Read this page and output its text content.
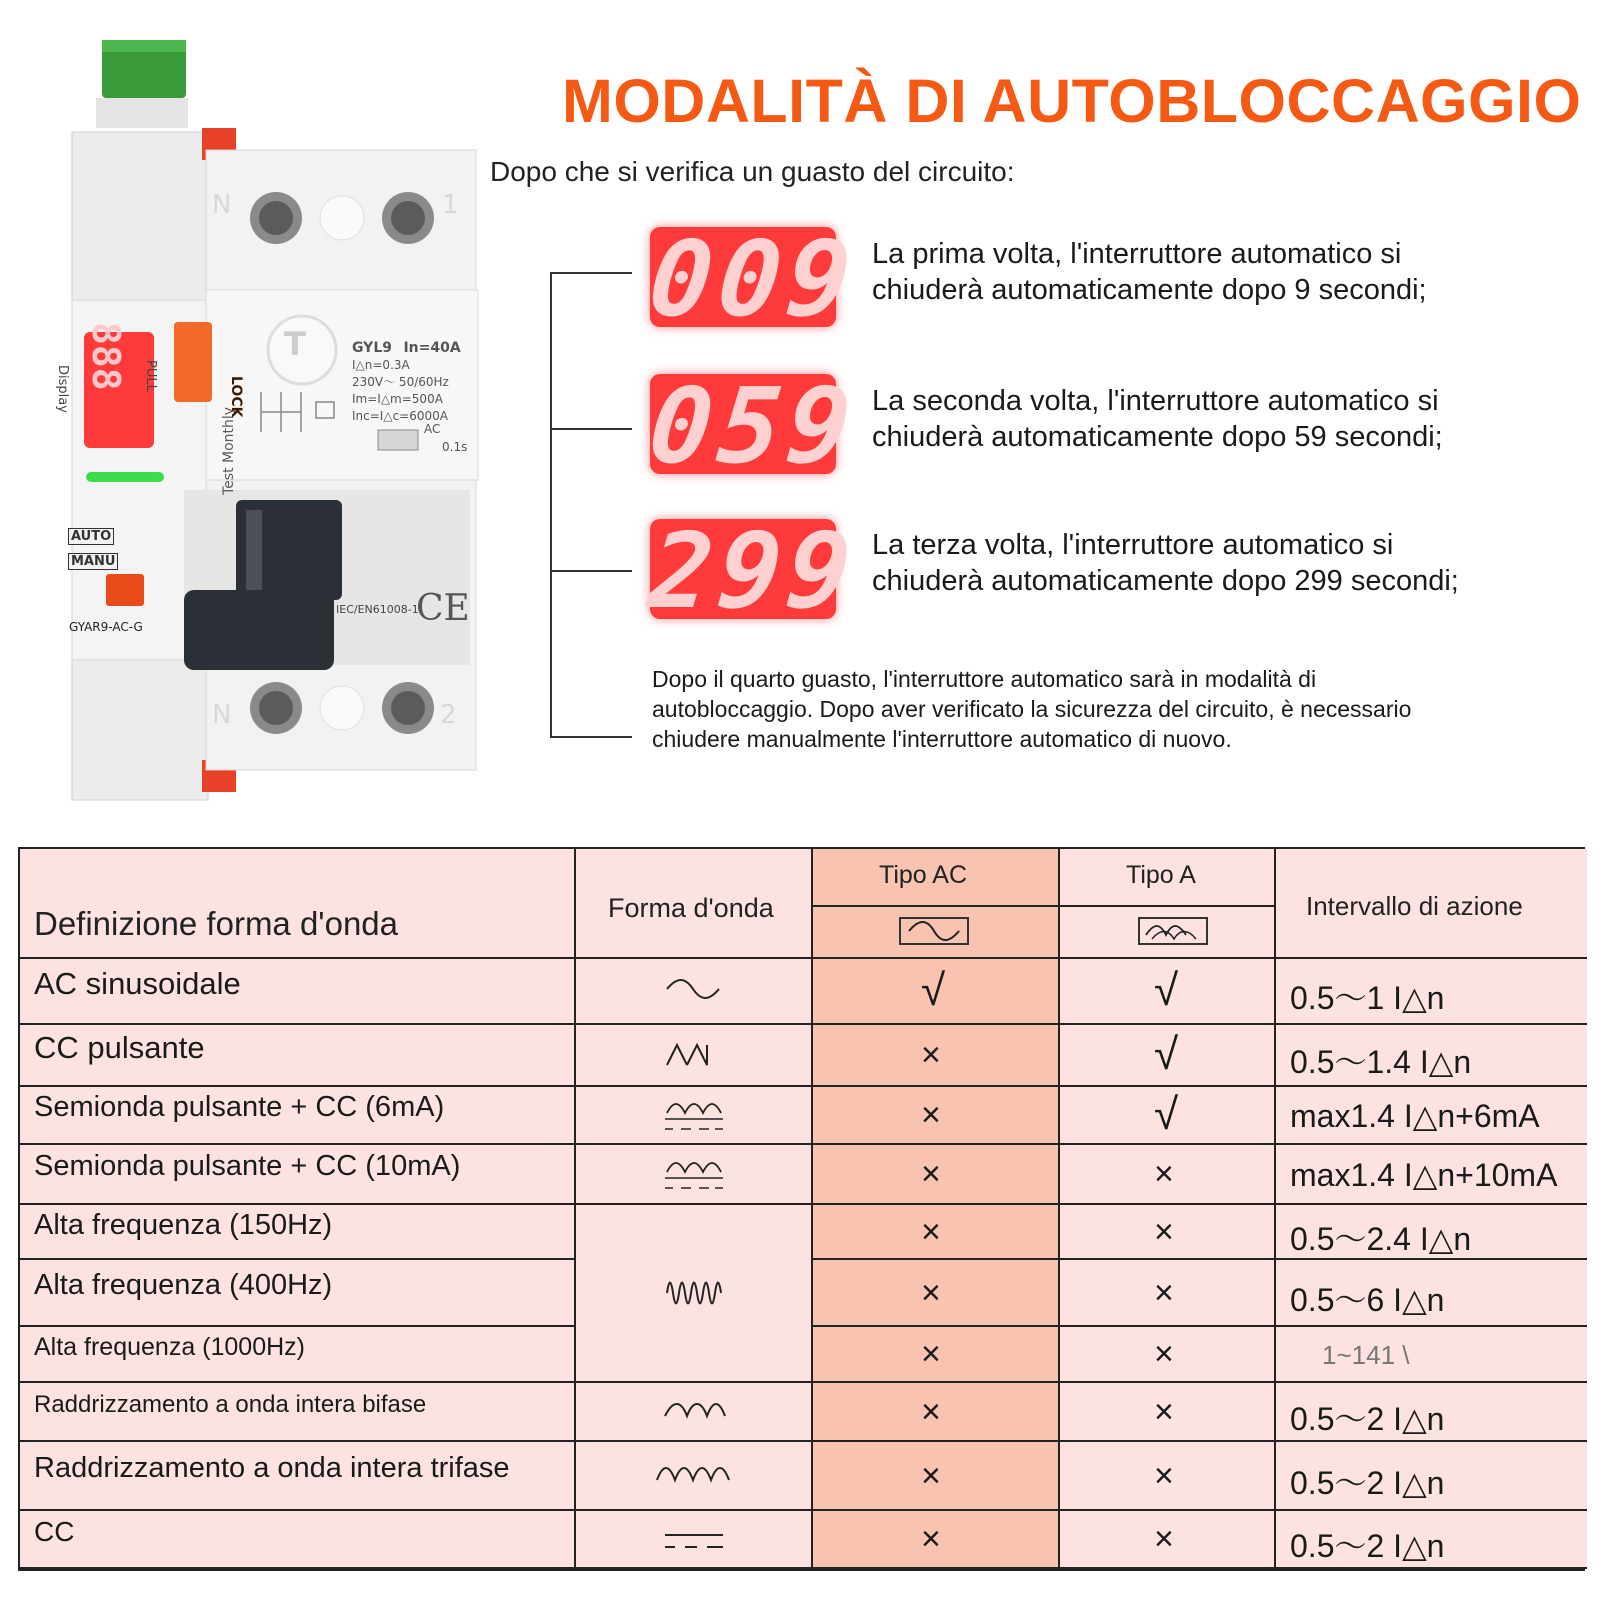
N	1
N	2
T	GYL9 In=40A
I△n=0.3A
230V～ 50/60Hz
Im=I△m=500A
Inc=I△c=6000A
AC
0.1s
Test Monthly
Display	PULL
LOCK
888
AUTO
MANU
GYAR9-AC-G
IEC/EN61008-1
CE
MODALITÀ DI AUTOBLOCCAGGIO
Dopo che si verifica un guasto del circuito:
009
059
299
La prima volta, l'interruttore automatico si
chiuderà automaticamente dopo 9 secondi;
La seconda volta, l'interruttore automatico si
chiuderà automaticamente dopo 59 secondi;
La terza volta, l'interruttore automatico si
chiuderà automaticamente dopo 299 secondi;
Dopo il quarto guasto, l'interruttore automatico sarà in modalità di
autobloccaggio. Dopo aver verificato la sicurezza del circuito, è necessario
chiudere manualmente l'interruttore automatico di nuovo.
Definizione forma d'onda	Forma d'onda
Tipo AC	Tipo A
Intervallo di azione
AC sinusoidale	√	√	0.5～1 I△n
CC pulsante	×	√	0.5～1.4 I△n
Semionda pulsante + CC (6mA)	×	√	max1.4 I△n+6mA
Semionda pulsante + CC (10mA)	×	×	max1.4 I△n+10mA
Alta frequenza (150Hz)	×	×	0.5～2.4 I△n
Alta frequenza (400Hz)	×	×	0.5～6 I△n
Alta frequenza (1000Hz)	×	×	1~141 \
Raddrizzamento a onda intera bifase	×	×	0.5～2 I△n
Raddrizzamento a onda intera trifase	×	×	0.5～2 I△n
CC	×	×	0.5～2 I△n
